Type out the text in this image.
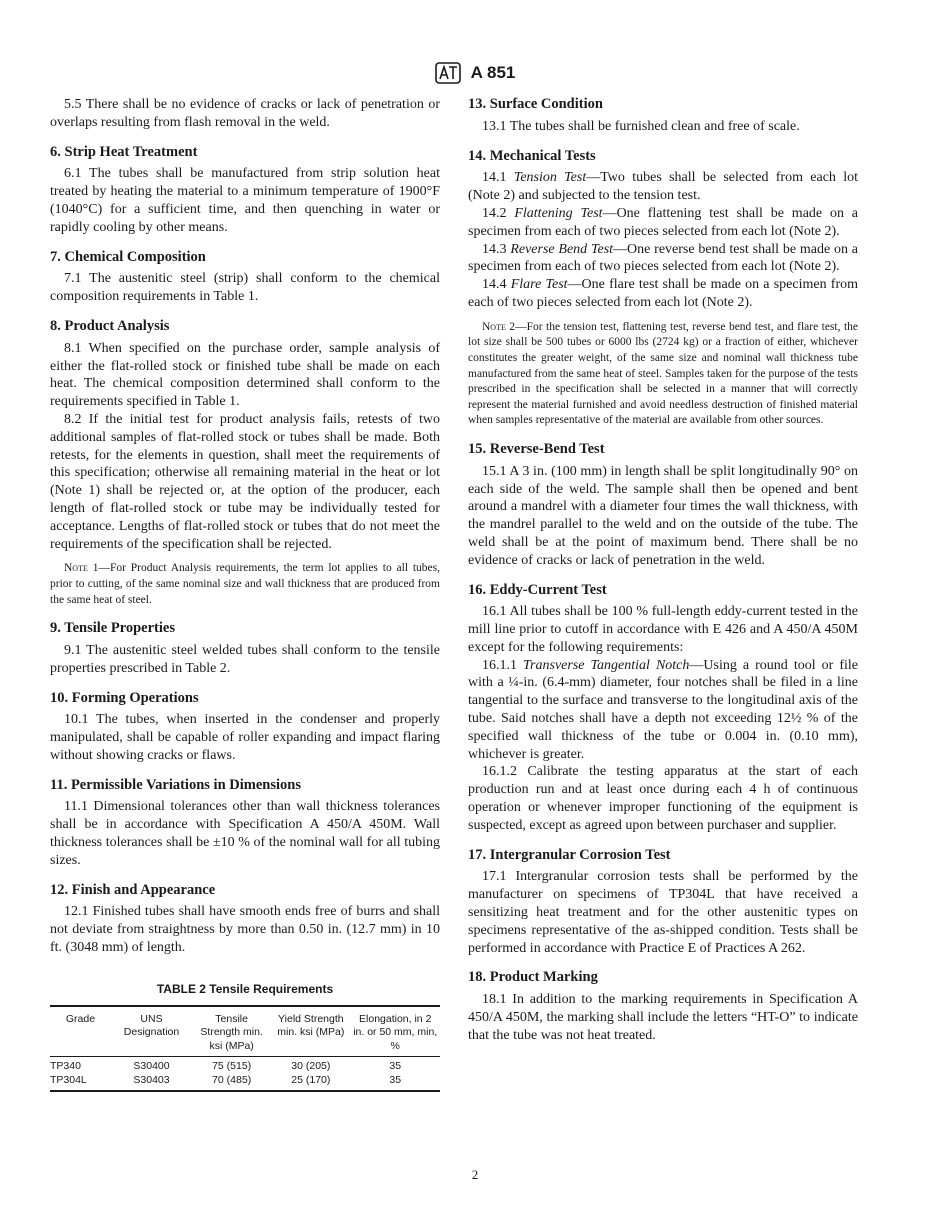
A 851

5.5 There shall be no evidence of cracks or lack of penetration or overlaps resulting from flash removal in the weld.

6. Strip Heat Treatment

6.1 The tubes shall be manufactured from strip solution heat treated by heating the material to a minimum temperature of 1900°F (1040°C) for a sufficient time, and then quenching in water or rapidly cooling by other means.

7. Chemical Composition

7.1 The austenitic steel (strip) shall conform to the chemical composition requirements in Table 1.

8. Product Analysis

8.1 When specified on the purchase order, sample analysis of either the flat-rolled stock or finished tube shall be made on each heat. The chemical composition determined shall conform to the requirements specified in Table 1.

8.2 If the initial test for product analysis fails, retests of two additional samples of flat-rolled stock or tubes shall be made. Both retests, for the elements in question, shall meet the requirements of this specification; otherwise all remaining material in the heat or lot (Note 1) shall be rejected or, at the option of the producer, each length of flat-rolled stock or tube may be individually tested for acceptance. Lengths of flat-rolled stock or tubes that do not meet the requirements of the specification shall be rejected.

Note 1—For Product Analysis requirements, the term lot applies to all tubes, prior to cutting, of the same nominal size and wall thickness that are produced from the same heat of steel.
9. Tensile Properties

9.1 The austenitic steel welded tubes shall conform to the tensile properties prescribed in Table 2.

10. Forming Operations

10.1 The tubes, when inserted in the condenser and properly manipulated, shall be capable of roller expanding and impact flaring without showing cracks or flaws.

11. Permissible Variations in Dimensions

11.1 Dimensional tolerances other than wall thickness tolerances shall be in accordance with Specification A 450/A 450M. Wall thickness tolerances shall be ±10 % of the nominal wall for all tubing sizes.

12. Finish and Appearance

12.1 Finished tubes shall have smooth ends free of burrs and shall not deviate from straightness by more than 0.50 in. (12.7 mm) in 10 ft. (3048 mm) of length.

TABLE 2 Tensile Requirements
Grade	UNS Designation	Tensile Strength min. ksi (MPa)	Yield Strength min. ksi (MPa)	Elongation, in 2 in. or 50 mm, min, %
TP340	S30400	75 (515)	30 (205)	35
TP304L	S30403	70 (485)	25 (170)	35
13. Surface Condition

13.1 The tubes shall be furnished clean and free of scale.

14. Mechanical Tests

14.1 Tension Test—Two tubes shall be selected from each lot (Note 2) and subjected to the tension test.

14.2 Flattening Test—One flattening test shall be made on a specimen from each of two pieces selected from each lot (Note 2).

14.3 Reverse Bend Test—One reverse bend test shall be made on a specimen from each of two pieces selected from each lot (Note 2).

14.4 Flare Test—One flare test shall be made on a specimen from each of two pieces selected from each lot (Note 2).

Note 2—For the tension test, flattening test, reverse bend test, and flare test, the lot size shall be 500 tubes or 6000 lbs (2724 kg) or a fraction of either, whichever constitutes the greater weight, of the same size and nominal wall thickness tube manufactured from the same heat of steel. Samples taken for the purpose of the tests prescribed in the specification shall be selected in a manner that will correctly represent the material furnished and avoid needless destruction of finished material when samples representative of the material are available from other sources.
15. Reverse-Bend Test

15.1 A 3 in. (100 mm) in length shall be split longitudinally 90° on each side of the weld. The sample shall then be opened and bent around a mandrel with a diameter four times the wall thickness, with the mandrel parallel to the weld and on the outside of the tube. The weld shall be at the point of maximum bend. There shall be no evidence of cracks or lack of penetration in the weld.

16. Eddy-Current Test

16.1 All tubes shall be 100 % full-length eddy-current tested in the mill line prior to cutoff in accordance with E 426 and A 450/A 450M except for the following requirements:

16.1.1 Transverse Tangential Notch—Using a round tool or file with a ¼-in. (6.4-mm) diameter, four notches shall be filed in a line tangential to the surface and transverse to the longitudinal axis of the tube. Said notches shall have a depth not exceeding 12½ % of the specified wall thickness of the tube or 0.004 in. (0.10 mm), whichever is greater.

16.1.2 Calibrate the testing apparatus at the start of each production run and at least once during each 4 h of continuous operation or whenever improper functioning of the equipment is suspected, except as agreed upon between purchaser and supplier.

17. Intergranular Corrosion Test

17.1 Intergranular corrosion tests shall be performed by the manufacturer on specimens of TP304L that have received a sensitizing heat treatment and for the other austenitic types on specimens representative of the as-shipped condition. Tests shall be performed in accordance with Practice E of Practices A 262.

18. Product Marking

18.1 In addition to the marking requirements in Specification A 450/A 450M, the marking shall include the letters “HT-O” to indicate that the tube was not heat treated.

2
